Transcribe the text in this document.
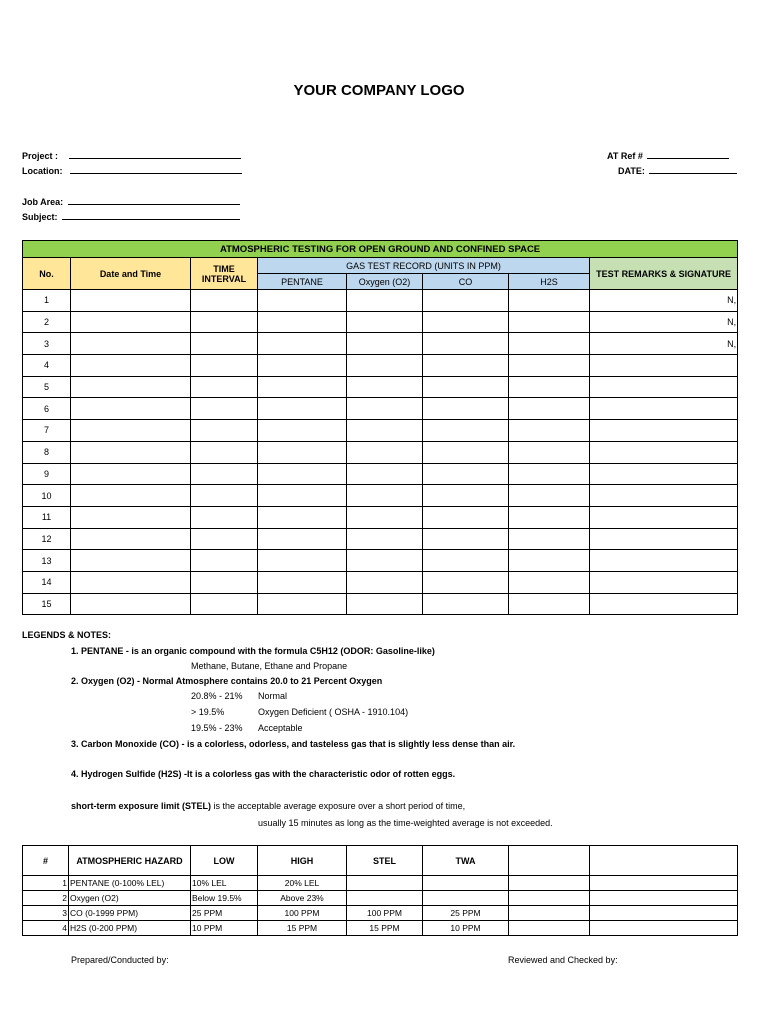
YOUR COMPANY LOGO
Project :
Location:
AT Ref #
DATE:
Job Area:
Subject:
ATMOSPHERIC TESTING FOR OPEN GROUND AND CONFINED SPACE							
No.	Date and Time	TIME INTERVAL	GAS TEST RECORD (UNITS IN PPM)				TEST REMARKS & SIGNATURE
			PENTANE	Oxygen (O2)	CO	H2S	
1							N,
2							N,
3							N,
4							
5							
6							
7							
8							
9							
10							
11							
12							
13							
14							
15							
LEGENDS & NOTES:
1. PENTANE - is an organic compound with the formula C5H12 (ODOR: Gasoline-like)
Methane, Butane, Ethane and Propane
2. Oxygen (O2) - Normal Atmosphere contains 20.0 to 21 Percent Oxygen
20.8% - 21% Normal
> 19.5%	Oxygen Deficient ( OSHA - 1910.104)
19.5% - 23% Acceptable
3. Carbon Monoxide (CO) - is a colorless, odorless, and tasteless gas that is slightly less dense than air.
4. Hydrogen Sulfide (H2S) -It is a colorless gas with the characteristic odor of rotten eggs.
short-term exposure limit (STEL) is the acceptable average exposure over a short period of time,
usually 15 minutes as long as the time-weighted average is not exceeded.
#	ATMOSPHERIC HAZARD	LOW	HIGH	STEL	TWA		
1	PENTANE (0-100% LEL)	10% LEL	20% LEL				
2	Oxygen (O2)	Below 19.5%	Above 23%				
3	CO (0-1999 PPM)	25 PPM	100 PPM	100 PPM	25 PPM		
4	H2S (0-200 PPM)	10 PPM	15 PPM	15 PPM	10 PPM		
Prepared/Conducted by:	Reviewed and Checked by:
